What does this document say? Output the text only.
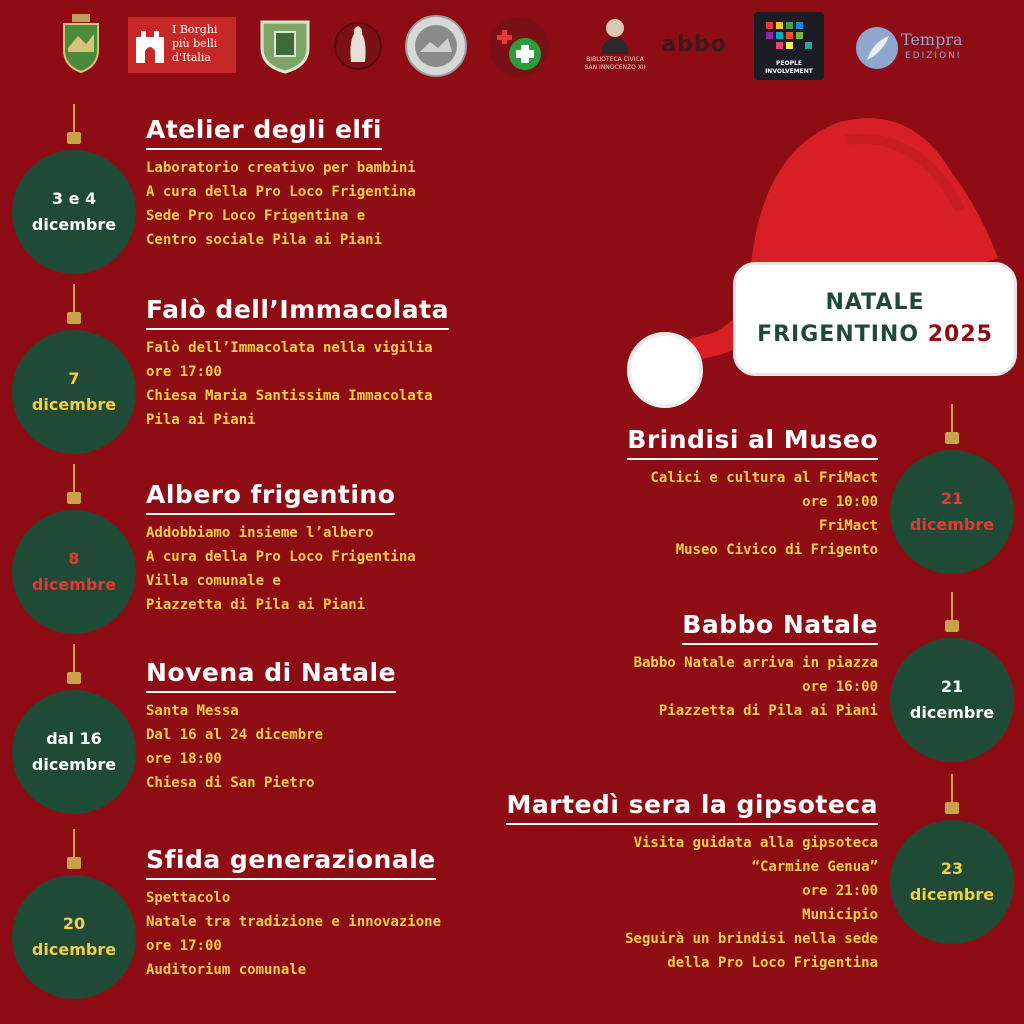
I Borghi più belli d'Italia	BIBLIOTECA CIVICA SAN INNOCENZO XII
abbo
PEOPLE INVOLVEMENT
Tempra
EDIZIONI
NATALE
FRIGENTINO 2025
3 e 4
dicembre
7
dicembre
8
dicembre
dal 16
dicembre
20
dicembre
21
dicembre
21
dicembre
23
dicembre
Atelier degli elfi
Laboratorio creativo per bambini
A cura della Pro Loco Frigentina
Sede Pro Loco Frigentina e
Centro sociale Pila ai Piani
Falò dell’Immacolata
Falò dell’Immacolata nella vigilia
ore 17:00
Chiesa Maria Santissima Immacolata
Pila ai Piani
Albero frigentino
Addobbiamo insieme l’albero
A cura della Pro Loco Frigentina
Villa comunale e
Piazzetta di Pila ai Piani
Novena di Natale
Santa Messa
Dal 16 al 24 dicembre
ore 18:00
Chiesa di San Pietro
Sfida generazionale
Spettacolo
Natale tra tradizione e innovazione
ore 17:00
Auditorium comunale
Brindisi al Museo
Calici e cultura al FriMact
ore 10:00
FriMact
Museo Civico di Frigento
Babbo Natale
Babbo Natale arriva in piazza
ore 16:00
Piazzetta di Pila ai Piani
Martedì sera la gipsoteca
Visita guidata alla gipsoteca
“Carmine Genua”
ore 21:00
Municipio
Seguirà un brindisi nella sede
della Pro Loco Frigentina
